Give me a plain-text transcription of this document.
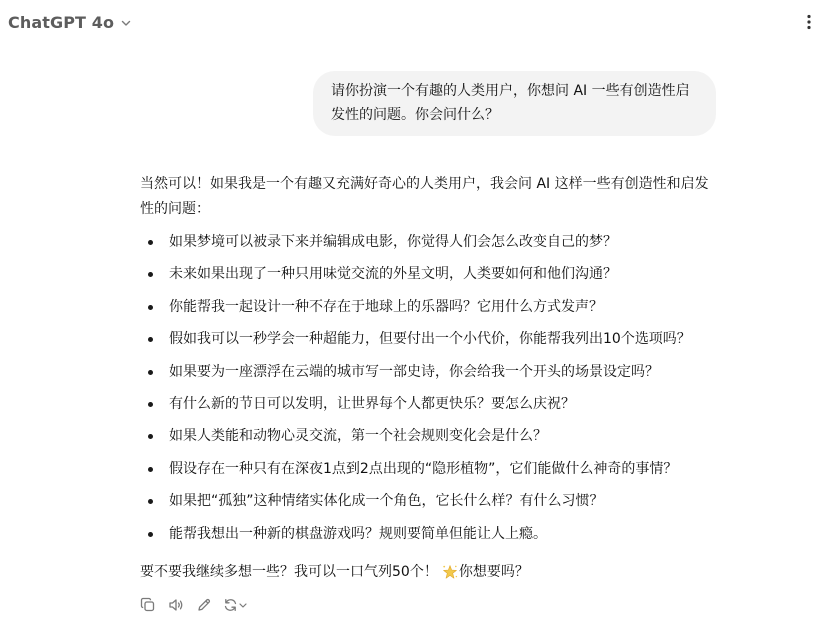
ChatGPT 4o
请你扮演一个有趣的人类用户，你想问 AI 一些有创造性启发性的问题。你会问什么？

当然可以！如果我是一个有趣又充满好奇心的人类用户，我会问 AI 这样一些有创造性和启发性的问题：

如果梦境可以被录下来并编辑成电影，你觉得人们会怎么改变自己的梦？
未来如果出现了一种只用味觉交流的外星文明，人类要如何和他们沟通？
你能帮我一起设计一种不存在于地球上的乐器吗？它用什么方式发声？
假如我可以一秒学会一种超能力，但要付出一个小代价，你能帮我列出10个选项吗？
如果要为一座漂浮在云端的城市写一部史诗，你会给我一个开头的场景设定吗？
有什么新的节日可以发明，让世界每个人都更快乐？要怎么庆祝？
如果人类能和动物心灵交流，第一个社会规则变化会是什么？
假设存在一种只有在深夜1点到2点出现的“隐形植物”，它们能做什么神奇的事情？
如果把“孤独”这种情绪实体化成一个角色，它长什么样？有什么习惯？
能帮我想出一种新的棋盘游戏吗？规则要简单但能让人上瘾。
要不要我继续多想一些？我可以一口气列50个！ 你想要吗？
